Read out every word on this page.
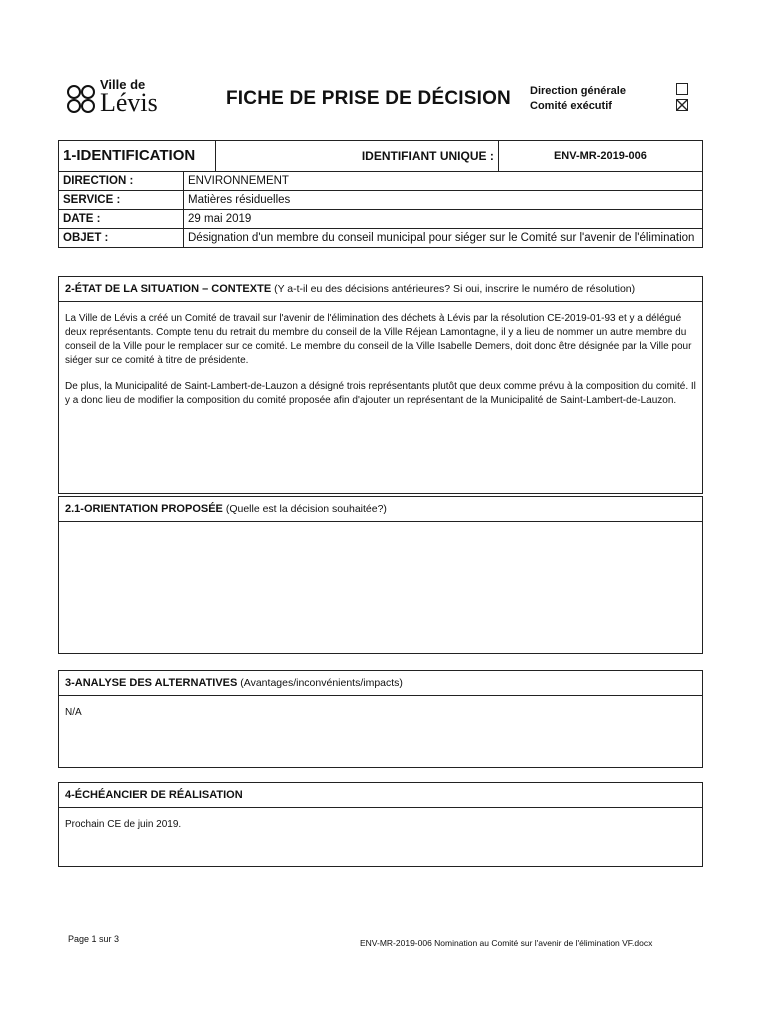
Ville de
Lévis	FICHE DE PRISE DE DÉCISION Direction générale
Comité exécutif
1-IDENTIFICATION		IDENTIFIANT UNIQUE :	ENV-MR-2019-006
DIRECTION :	ENVIRONNEMENT		
SERVICE :	Matières résiduelles		
DATE :	29 mai 2019		
OBJET :	Désignation d'un membre du conseil municipal pour siéger sur le Comité sur l'avenir de l'élimination		
2-ÉTAT DE LA SITUATION – CONTEXTE (Y a-t-il eu des décisions antérieures? Si oui, inscrire le numéro de résolution)

La Ville de Lévis a créé un Comité de travail sur l'avenir de l'élimination des déchets à Lévis par la résolution CE-2019-01-93 et y a délégué deux représentants. Compte tenu du retrait du membre du conseil de la Ville Réjean Lamontagne, il y a lieu de nommer un autre membre du conseil de la Ville pour le remplacer sur ce comité. Le membre du conseil de la Ville Isabelle Demers, doit donc être désignée par la Ville pour siéger sur ce comité à titre de présidente.

De plus, la Municipalité de Saint-Lambert-de-Lauzon a désigné trois représentants plutôt que deux comme prévu à la composition du comité. Il y a donc lieu de modifier la composition du comité proposée afin d'ajouter un représentant de la Municipalité de Saint-Lambert-de-Lauzon.

2.1-ORIENTATION PROPOSÉE (Quelle est la décision souhaitée?)
3-ANALYSE DES ALTERNATIVES (Avantages/inconvénients/impacts)

N/A

4-ÉCHÉANCIER DE RÉALISATION

Prochain CE de juin 2019.

Page 1 sur 3	ENV-MR-2019-006 Nomination au Comité sur l'avenir de l'élimination VF.docx
